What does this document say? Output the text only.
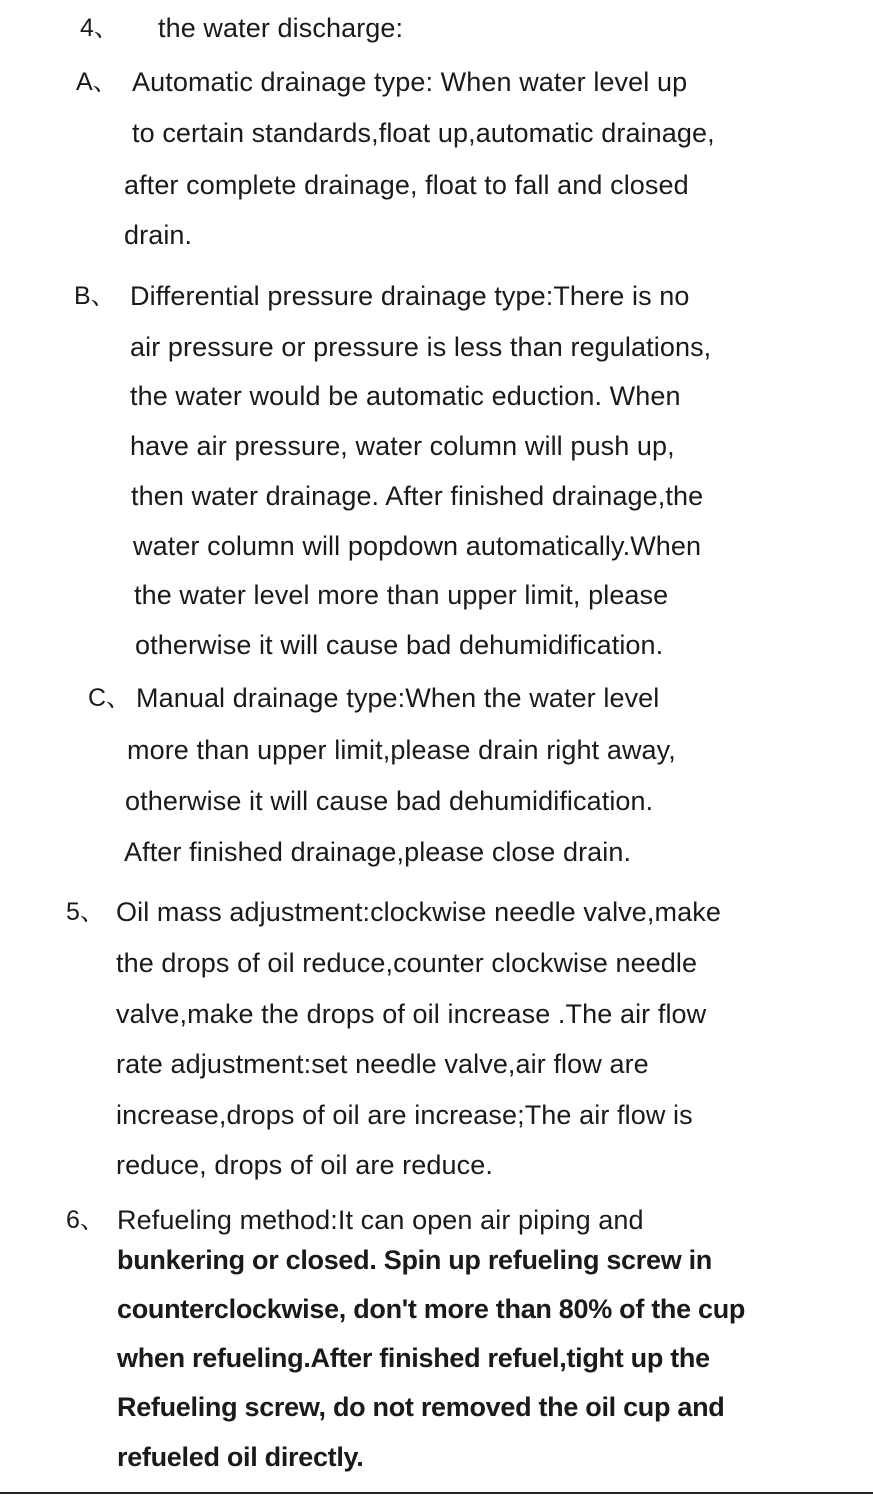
4、 the water discharge:
A、 Automatic drainage type: When water level up
to certain standards,float up,automatic drainage,
after complete drainage, float to fall and closed
drain.
B、 Differential pressure drainage type:There is no
air pressure or pressure is less than regulations,
the water would be automatic eduction. When
have air pressure, water column will push up,
then water drainage. After finished drainage,the
water column will popdown automatically.When
the water level more than upper limit, please
otherwise it will cause bad dehumidification.
C、 Manual drainage type:When the water level
more than upper limit,please drain right away,
otherwise it will cause bad dehumidification.
After finished drainage,please close drain.
5、 Oil mass adjustment:clockwise needle valve,make
the drops of oil reduce,counter clockwise needle
valve,make the drops of oil increase .The air flow
rate adjustment:set needle valve,air flow are
increase,drops of oil are increase;The air flow is
reduce, drops of oil are reduce.
6、 Refueling method:It can open air piping and
bunkering or closed. Spin up refueling screw in
counterclockwise, don't more than 80% of the cup
when refueling.After finished refuel,tight up the
Refueling screw, do not removed the oil cup and
refueled oil directly.
